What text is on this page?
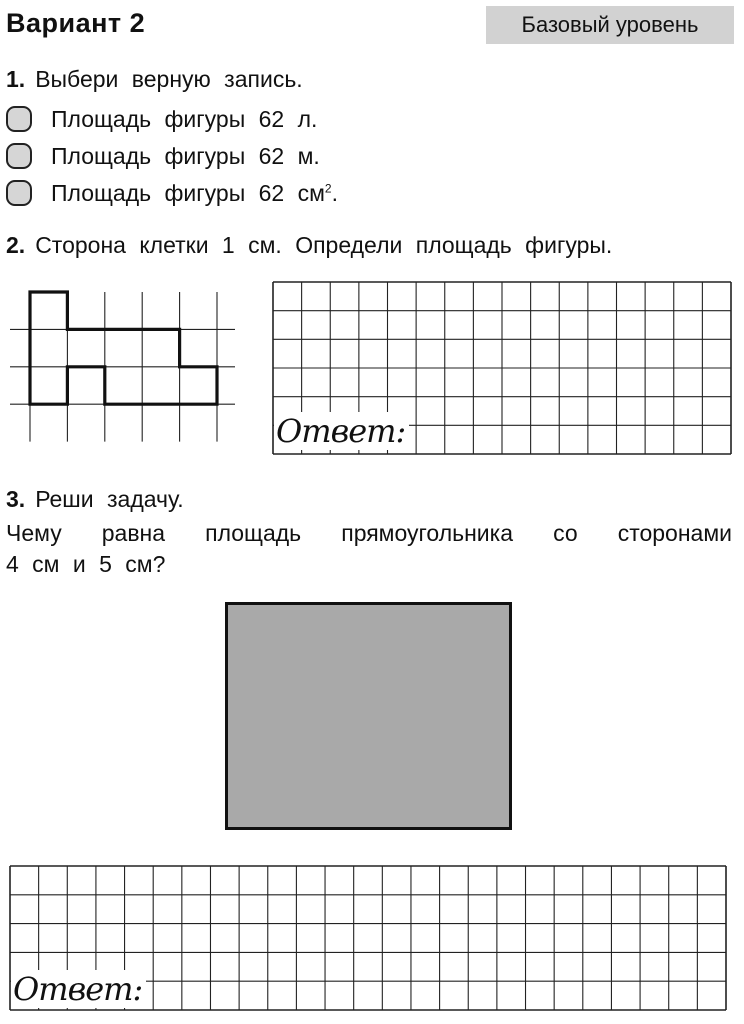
Вариант 2	Базовый уровень
1. Выбери верную запись.
Площадь фигуры 62 л.
Площадь фигуры 62 м.
Площадь фигуры 62 $см^2$.
2. Сторона клетки 1 см. Определи площадь фигуры.
Ответ:
3. Реши задачу.
Чему равна площадь прямоугольника со сторонами
4 см и 5 см?
Ответ:
